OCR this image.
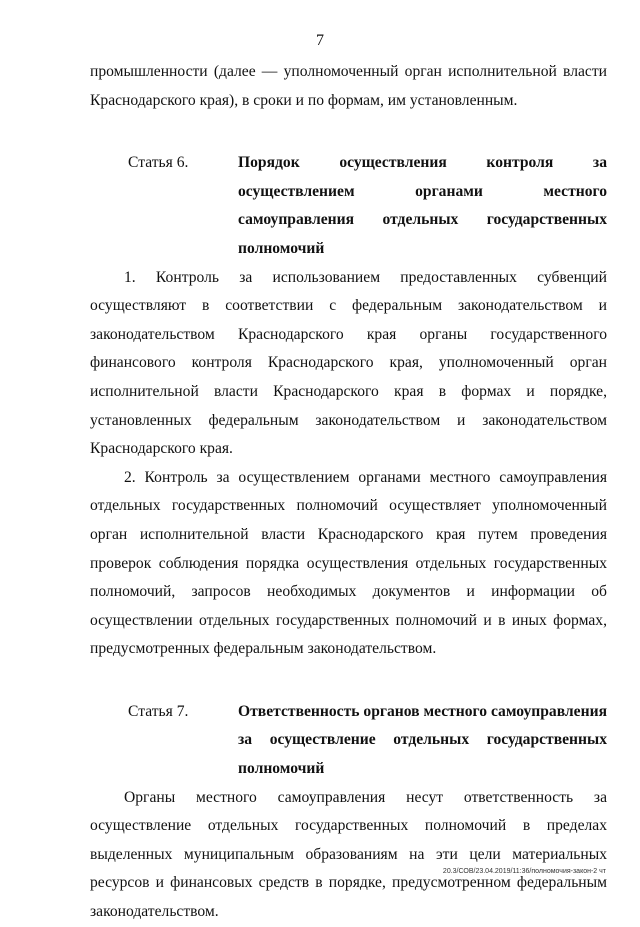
7

промышленности (далее — уполномоченный орган исполнительной власти Краснодарского края), в сроки и по формам, им установленным.

Статья 6.	Порядок осуществления контроля за осуществлением органами местного самоуправления отдельных государственных полномочий

1. Контроль за использованием предоставленных субвенций осуществляют в соответствии с федеральным законодательством и законодательством Краснодарского края органы государственного финансового контроля Краснодарского края, уполномоченный орган исполнительной власти Краснодарского края в формах и порядке, установленных федеральным законодательством и законодательством Краснодарского края.

2. Контроль за осуществлением органами местного самоуправления отдельных государственных полномочий осуществляет уполномоченный орган исполнительной власти Краснодарского края путем проведения проверок соблюдения порядка осуществления отдельных государственных полномочий, запросов необходимых документов и информации об осуществлении отдельных государственных полномочий и в иных формах, предусмотренных федеральным законодательством.

Статья 7.	Ответственность органов местного самоуправления за осуществление отдельных государственных полномочий

Органы местного самоуправления несут ответственность за осуществление отдельных государственных полномочий в пределах выделенных муниципальным образованиям на эти цели материальных ресурсов и финансовых средств в порядке, предусмотренном федеральным законодательством.

20.3/СОВ/23.04.2019/11:36/полномочия-закон-2 чт
